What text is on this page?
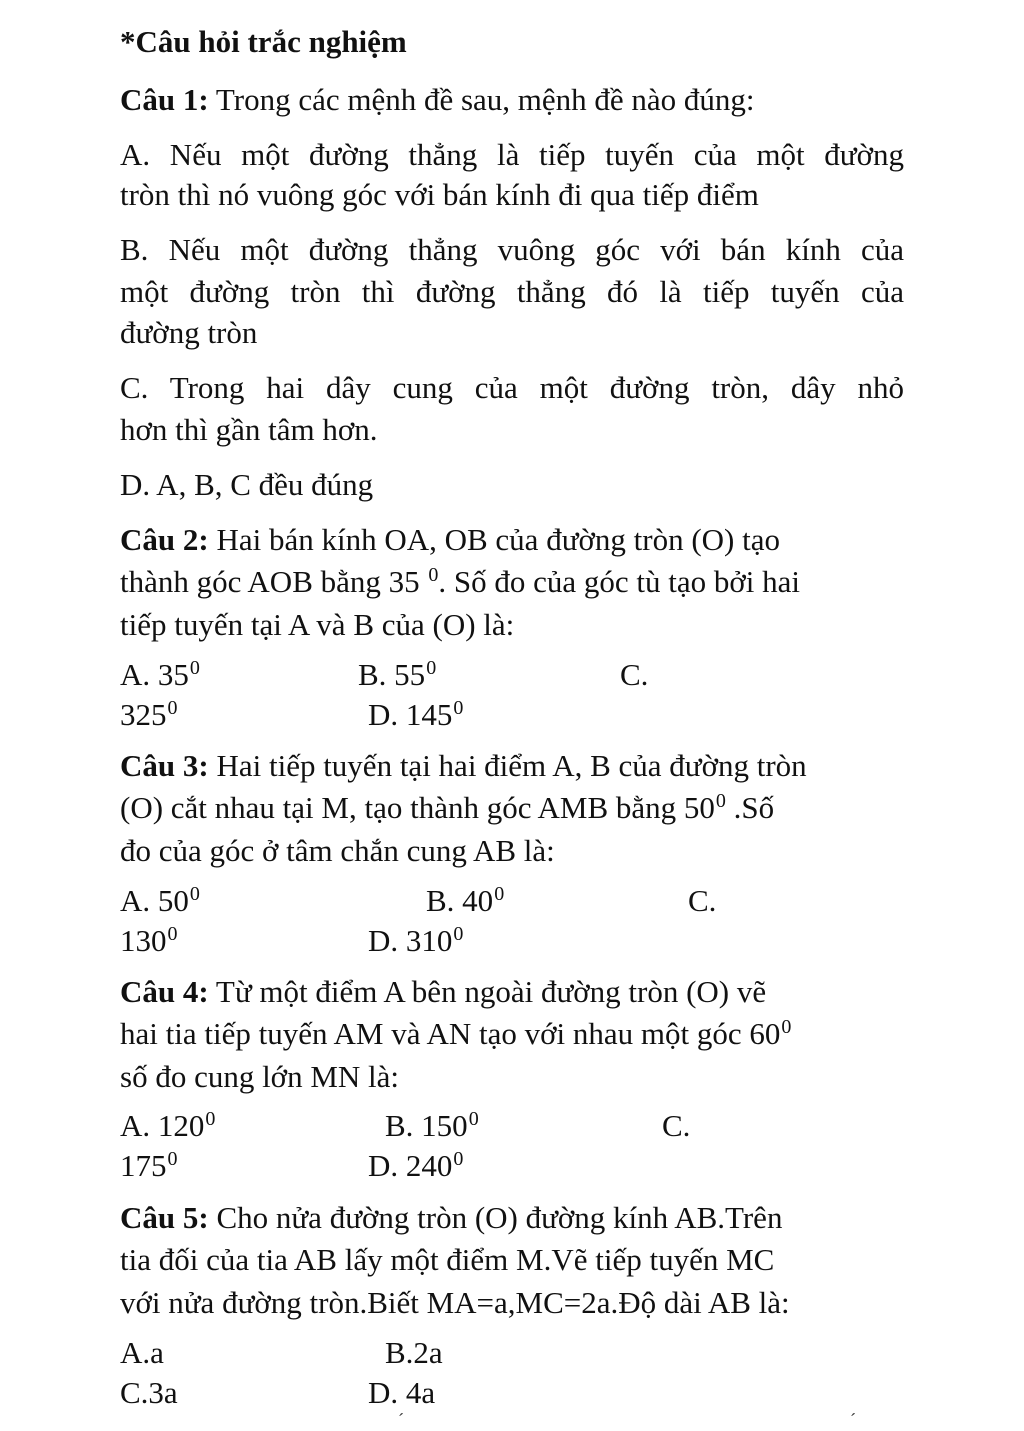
*Câu hỏi trắc nghiệm
Câu 1: Trong các mệnh đề sau, mệnh đề nào đúng:
A. Nếu một đường thẳng là tiếp tuyến của một đường
tròn thì nó vuông góc với bán kính đi qua tiếp điểm
B. Nếu một đường thẳng vuông góc với bán kính của
một đường tròn thì đường thẳng đó là tiếp tuyến của
đường tròn
C. Trong hai dây cung của một đường tròn, dây nhỏ
hơn thì gần tâm hơn.
D. A, B, C đều đúng
Câu 2: Hai bán kính OA, OB của đường tròn (O) tạo
thành góc AOB bằng 35 $^0$. Số đo của góc tù tạo bởi hai
tiếp tuyến tại A và B của (O) là:
A. $35^0$	B. $55^0$	C.
$325^0$	D. $145^0$
Câu 3: Hai tiếp tuyến tại hai điểm A, B của đường tròn
(O) cắt nhau tại M, tạo thành góc AMB bằng $50^0$ .Số
đo của góc ở tâm chắn cung AB là:
A. $50^0$	B. $40^0$	C.
$130^0$	D. $310^0$
Câu 4: Từ một điểm A bên ngoài đường tròn (O) vẽ
hai tia tiếp tuyến AM và AN tạo với nhau một góc $60^0$
số đo cung lớn MN là:
A. $120^0$	B. $150^0$	C.
$175^0$	D. $240^0$
Câu 5: Cho nửa đường tròn (O) đường kính AB.Trên
tia đối của tia AB lấy một điểm M.Vẽ tiếp tuyến MC
với nửa đường tròn.Biết MA=a,MC=2a.Độ dài AB là:
A.a	B.2a
C.3a	D. 4a
ˊ	ˊ
